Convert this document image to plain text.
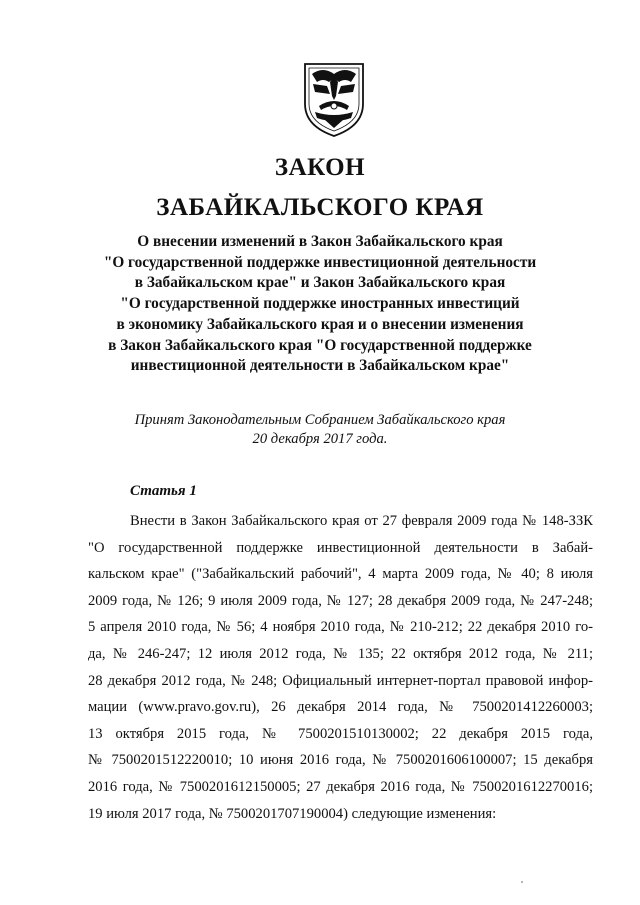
ЗАКОН
ЗАБАЙКАЛЬСКОГО КРАЯ
О внесении изменений в Закон Забайкальского края
"О государственной поддержке инвестиционной деятельности
в Забайкальском крае" и Закон Забайкальского края
"О государственной поддержке иностранных инвестиций
в экономику Забайкальского края и о внесении изменения
в Закон Забайкальского края "О государственной поддержке
инвестиционной деятельности в Забайкальском крае"
Принят Законодательным Собранием Забайкальского края
20 декабря 2017 года.
Статья 1
Внести в Закон Забайкальского края от 27 февраля 2009 года № 148-ЗЗК
"О государственной поддержке инвестиционной деятельности в Забай-
кальском крае" ("Забайкальский рабочий", 4 марта 2009 года, № 40; 8 июля
2009 года, № 126; 9 июля 2009 года, № 127; 28 декабря 2009 года, № 247-248;
5 апреля 2010 года, № 56; 4 ноября 2010 года, № 210-212; 22 декабря 2010 го-
да, № 246-247; 12 июля 2012 года, № 135; 22 октября 2012 года, № 211;
28 декабря 2012 года, № 248; Официальный интернет-портал правовой инфор-
мации (www.pravo.gov.ru), 26 декабря 2014 года, № 7500201412260003;
13 октября 2015 года, № 7500201510130002; 22 декабря 2015 года,
№ 7500201512220010; 10 июня 2016 года, № 7500201606100007; 15 декабря
2016 года, № 7500201612150005; 27 декабря 2016 года, № 7500201612270016;
19 июля 2017 года, № 7500201707190004) следующие изменения:
